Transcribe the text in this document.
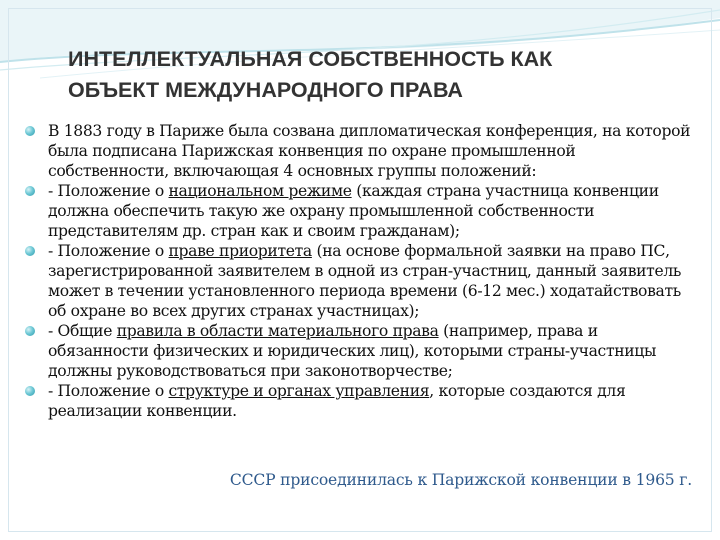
ИНТЕЛЛЕКТУАЛЬНАЯ СОБСТВЕННОСТЬ КАК
ОБЪЕКТ МЕЖДУНАРОДНОГО ПРАВА
В 1883 году в Париже была созвана дипломатическая конференция, на которой была подписана Парижская конвенция по охране промышленной собственности, включающая 4 основных группы положений:
- Положение о национальном режиме (каждая страна участница конвенции должна обеспечить такую же охрану промышленной собственности представителям др. стран как и своим гражданам);
- Положение о праве приоритета (на основе формальной заявки на право ПС, зарегистрированной заявителем в одной из стран-участниц, данный заявитель может в течении установленного периода времени (6-12 мес.) ходатайствовать об охране во всех других странах участницах);
- Общие правила в области материального права (например, права и обязанности физических и юридических лиц), которыми страны-участницы должны руководствоваться при законотворчестве;
- Положение о структуре и органах управления, которые создаются для реализации конвенции.
СССР присоединилась к Парижской конвенции в 1965 г.
